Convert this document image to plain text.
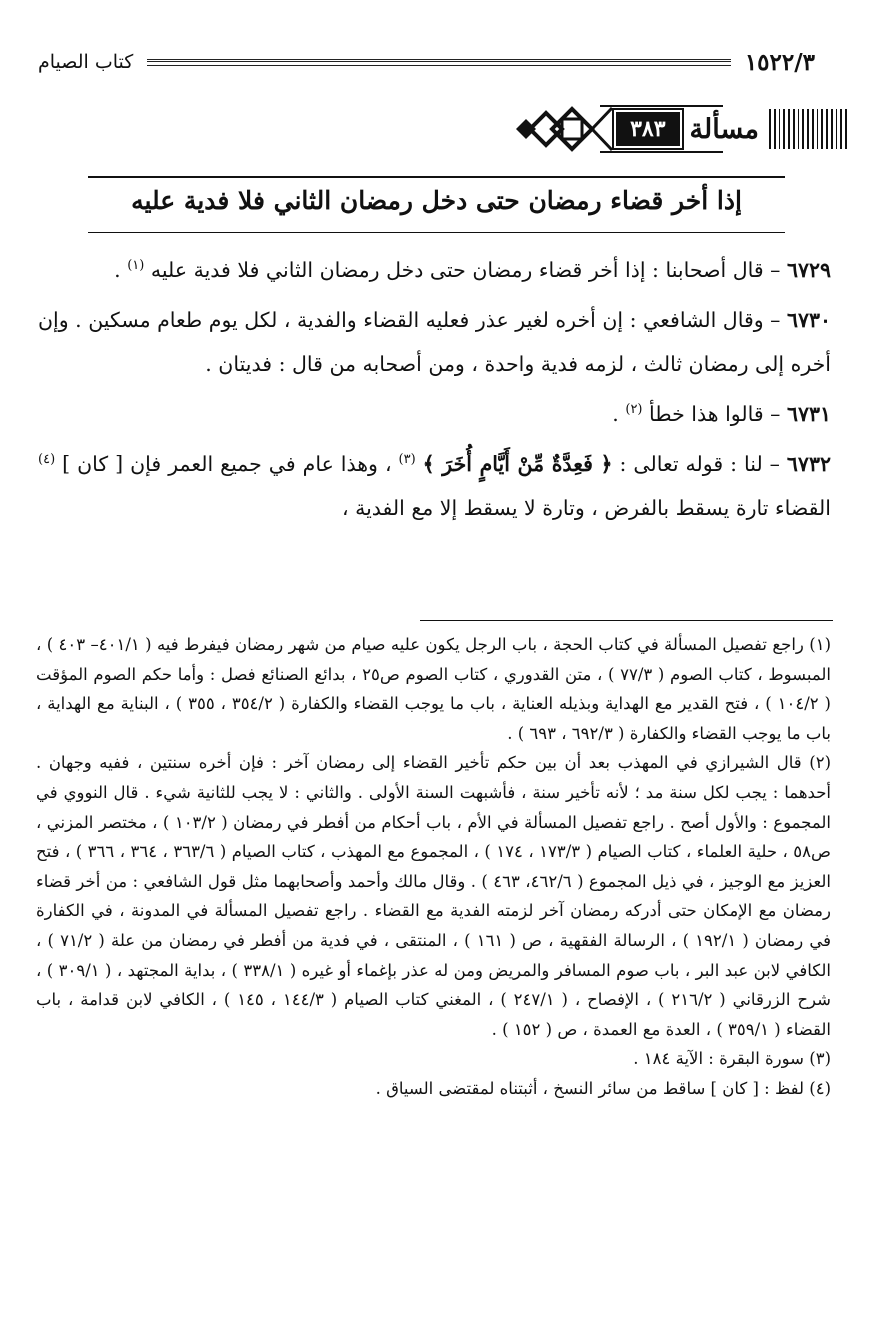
١٥٢٢/٣
كتاب الصيام
مسألة
٣٨٣
إذا أخر قضاء رمضان حتى دخل رمضان الثاني فلا فدية عليه

٦٧٢٩ – قال أصحابنا : إذا أخر قضاء رمضان حتى دخل رمضان الثاني فلا فدية عليه $^{(١)}$ .

٦٧٣٠ – وقال الشافعي : إن أخره لغير عذر فعليه القضاء والفدية ، لكل يوم طعام مسكين . وإن أخره إلى رمضان ثالث ، لزمه فدية واحدة ، ومن أصحابه من قال : فديتان .

٦٧٣١ – قالوا هذا خطأ $^{(٢)}$ .

٦٧٣٢ – لنا : قوله تعالى : ﴿ فَعِدَّةٌ مِّنْ أَيَّامٍ أُخَرَ ﴾ $^{(٣)}$ ، وهذا عام في جميع العمر فإن [ كان ] $^{(٤)}$ القضاء تارة يسقط بالفرض ، وتارة لا يسقط إلا مع الفدية ،

(١) راجع تفصيل المسألة في كتاب الحجة ، باب الرجل يكون عليه صيام من شهر رمضان فيفرط فيه ( ٤٠١/١– ٤٠٣ ) ، المبسوط ، كتاب الصوم ( ٧٧/٣ ) ، متن القدوري ، كتاب الصوم ص٢٥ ، بدائع الصنائع فصل : وأما حكم الصوم المؤقت ( ١٠٤/٢ ) ، فتح القدير مع الهداية وبذيله العناية ، باب ما يوجب القضاء والكفارة ( ٣٥٤/٢ ، ٣٥٥ ) ، البناية مع الهداية ، باب ما يوجب القضاء والكفارة ( ٦٩٢/٣ ، ٦٩٣ ) .

(٢) قال الشيرازي في المهذب بعد أن بين حكم تأخير القضاء إلى رمضان آخر : فإن أخره سنتين ، ففيه وجهان . أحدهما : يجب لكل سنة مد ؛ لأنه تأخير سنة ، فأشبهت السنة الأولى . والثاني : لا يجب للثانية شيء . قال النووي في المجموع : والأول أصح . راجع تفصيل المسألة في الأم ، باب أحكام من أفطر في رمضان ( ١٠٣/٢ ) ، مختصر المزني ، ص٥٨ ، حلية العلماء ، كتاب الصيام ( ١٧٣/٣ ، ١٧٤ ) ، المجموع مع المهذب ، كتاب الصيام ( ٣٦٣/٦ ، ٣٦٤ ، ٣٦٦ ) ، فتح العزيز مع الوجيز ، في ذيل المجموع ( ٤٦٢/٦، ٤٦٣ ) . وقال مالك وأحمد وأصحابهما مثل قول الشافعي : من أخر قضاء رمضان مع الإمكان حتى أدركه رمضان آخر لزمته الفدية مع القضاء . راجع تفصيل المسألة في المدونة ، في الكفارة في رمضان ( ١٩٢/١ ) ، الرسالة الفقهية ، ص ( ١٦١ ) ، المنتقى ، في فدية من أفطر في رمضان من علة ( ٧١/٢ ) ، الكافي لابن عبد البر ، باب صوم المسافر والمريض ومن له عذر بإغماء أو غيره ( ٣٣٨/١ ) ، بداية المجتهد ، ( ٣٠٩/١ ) ، شرح الزرقاني ( ٢١٦/٢ ) ، الإفصاح ، ( ٢٤٧/١ ) ، المغني كتاب الصيام ( ١٤٤/٣ ، ١٤٥ ) ، الكافي لابن قدامة ، باب القضاء ( ٣٥٩/١ ) ، العدة مع العمدة ، ص ( ١٥٢ ) .

(٣) سورة البقرة : الآية ١٨٤ .

(٤) لفظ : [ كان ] ساقط من سائر النسخ ، أثبتناه لمقتضى السياق .
